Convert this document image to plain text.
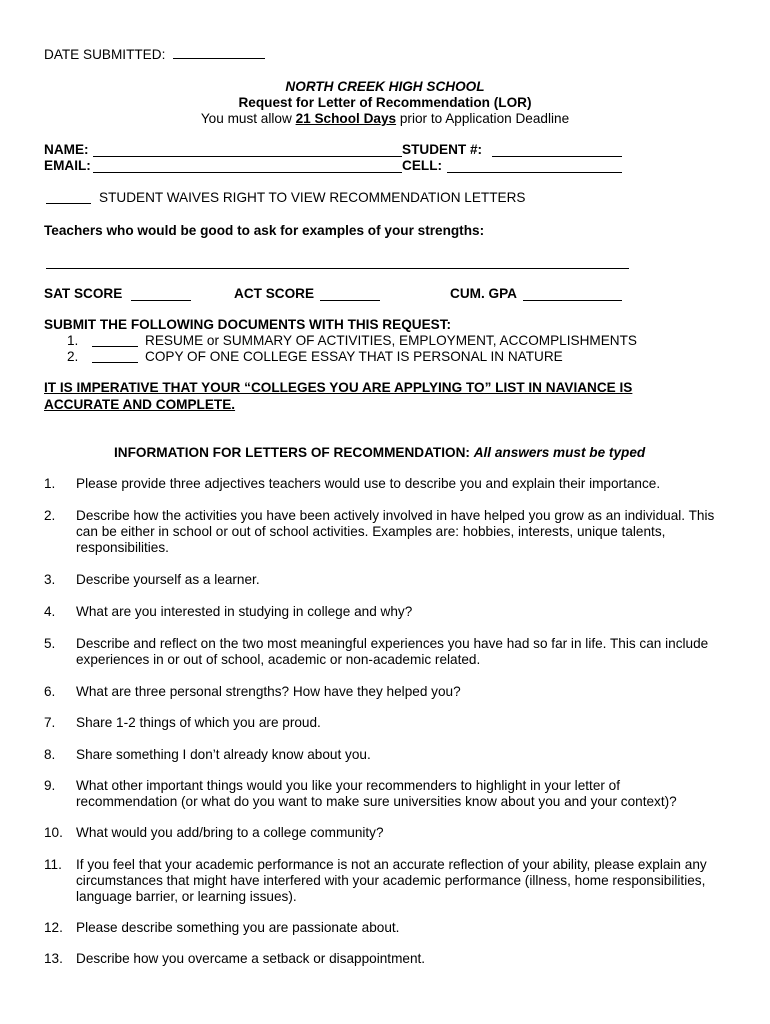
DATE SUBMITTED:
NORTH CREEK HIGH SCHOOL
Request for Letter of Recommendation (LOR)
You must allow 21 School Days prior to Application Deadline
NAME:	STUDENT #:
EMAIL:	CELL:
STUDENT WAIVES RIGHT TO VIEW RECOMMENDATION LETTERS
Teachers who would be good to ask for examples of your strengths:
SAT SCORE	ACT SCORE	CUM. GPA
SUBMIT THE FOLLOWING DOCUMENTS WITH THIS REQUEST:
1.	RESUME or SUMMARY OF ACTIVITIES, EMPLOYMENT, ACCOMPLISHMENTS
2.	COPY OF ONE COLLEGE ESSAY THAT IS PERSONAL IN NATURE
IT IS IMPERATIVE THAT YOUR “COLLEGES YOU ARE APPLYING TO” LIST IN NAVIANCE IS
ACCURATE AND COMPLETE.
INFORMATION FOR LETTERS OF RECOMMENDATION: All answers must be typed
1. Please provide three adjectives teachers would use to describe you and explain their importance.
2. Describe how the activities you have been actively involved in have helped you grow as an individual. This can be either in school or out of school activities. Examples are: hobbies, interests, unique talents, responsibilities.
3. Describe yourself as a learner.
4. What are you interested in studying in college and why?
5. Describe and reflect on the two most meaningful experiences you have had so far in life. This can include experiences in or out of school, academic or non-academic related.
6. What are three personal strengths? How have they helped you?
7. Share 1-2 things of which you are proud.
8. Share something I don’t already know about you.
9. What other important things would you like your recommenders to highlight in your letter of recommendation (or what do you want to make sure universities know about you and your context)?
10. What would you add/bring to a college community?
11. If you feel that your academic performance is not an accurate reflection of your ability, please explain any circumstances that might have interfered with your academic performance (illness, home responsibilities, language barrier, or learning issues).
12. Please describe something you are passionate about.
13. Describe how you overcame a setback or disappointment.
